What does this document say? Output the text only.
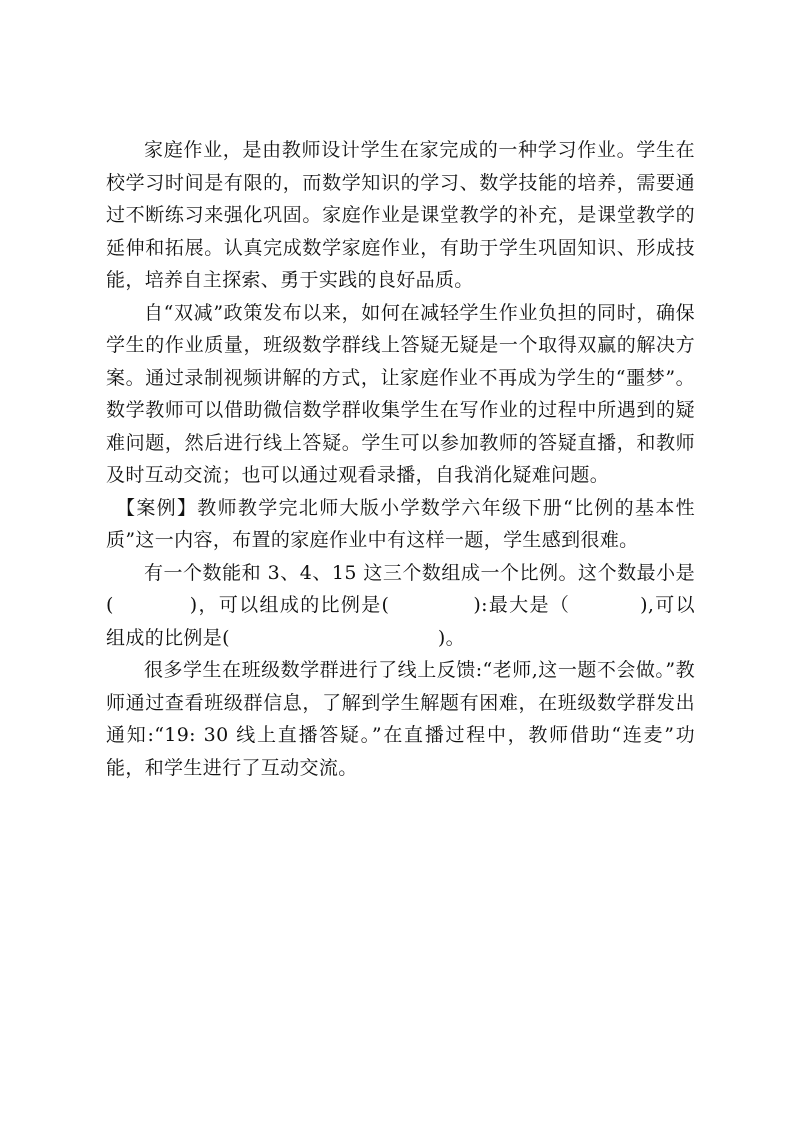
家庭作业，是由教师设计学生在家完成的一种学习作业。学生在校学习时间是有限的，而数学知识的学习、数学技能的培养，需要通过不断练习来强化巩固。家庭作业是课堂教学的补充，是课堂教学的延伸和拓展。认真完成数学家庭作业，有助于学生巩固知识、形成技能，培养自主探索、勇于实践的良好品质。

自“双减”政策发布以来，如何在减轻学生作业负担的同时，确保学生的作业质量，班级数学群线上答疑无疑是一个取得双赢的解决方案。通过录制视频讲解的方式，让家庭作业不再成为学生的“噩梦”。数学教师可以借助微信数学群收集学生在写作业的过程中所遇到的疑难问题，然后进行线上答疑。学生可以参加教师的答疑直播，和教师及时互动交流；也可以通过观看录播，自我消化疑难问题。

【案例】教师教学完北师大版小学数学六年级下册“比例的基本性质”这一内容，布置的家庭作业中有这样一题，学生感到很难。

有一个数能和 3、4、15 这三个数组成一个比例。这个数最小是(	)，可以组成的比例是(	):最大是（	),可以组成的比例是(	)。

很多学生在班级数学群进行了线上反馈:“老师,这一题不会做。”教师通过查看班级群信息，了解到学生解题有困难，在班级数学群发出通知:“19: 30 线上直播答疑。”在直播过程中，教师借助“连麦”功能，和学生进行了互动交流。
